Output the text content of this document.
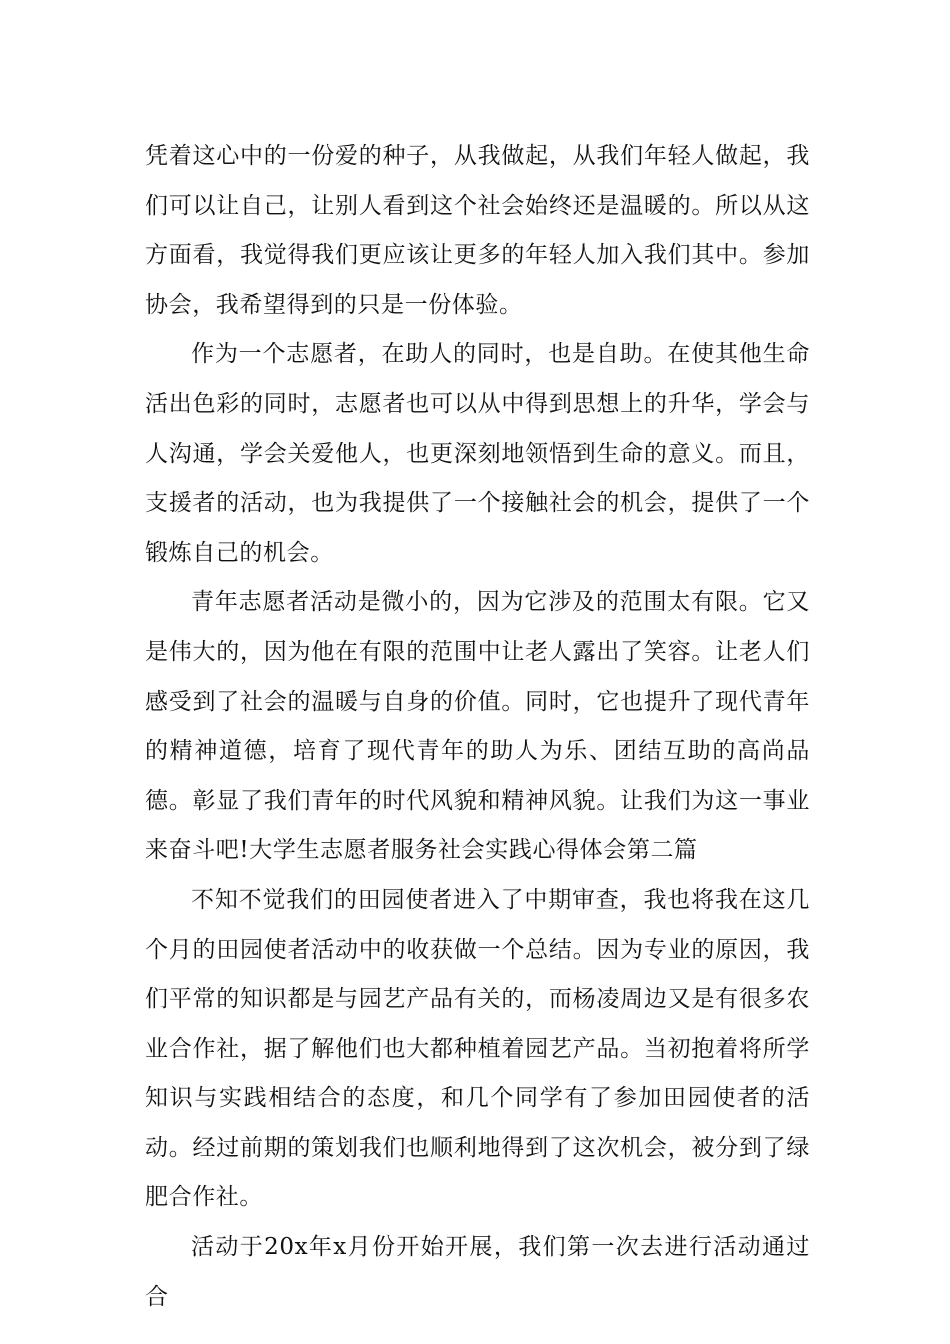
凭着这心中的一份爱的种子，从我做起，从我们年轻人做起，我们可以让自己，让别人看到这个社会始终还是温暖的。所以从这方面看，我觉得我们更应该让更多的年轻人加入我们其中。参加协会，我希望得到的只是一份体验。

作为一个志愿者，在助人的同时，也是自助。在使其他生命活出色彩的同时，志愿者也可以从中得到思想上的升华，学会与人沟通，学会关爱他人，也更深刻地领悟到生命的意义。而且，支援者的活动，也为我提供了一个接触社会的机会，提供了一个锻炼自己的机会。

青年志愿者活动是微小的，因为它涉及的范围太有限。它又是伟大的，因为他在有限的范围中让老人露出了笑容。让老人们感受到了社会的温暖与自身的价值。同时，它也提升了现代青年的精神道德，培育了现代青年的助人为乐、团结互助的高尚品德。彰显了我们青年的时代风貌和精神风貌。让我们为这一事业来奋斗吧!大学生志愿者服务社会实践心得体会第二篇

不知不觉我们的田园使者进入了中期审查，我也将我在这几个月的田园使者活动中的收获做一个总结。因为专业的原因，我们平常的知识都是与园艺产品有关的，而杨凌周边又是有很多农业合作社，据了解他们也大都种植着园艺产品。当初抱着将所学知识与实践相结合的态度，和几个同学有了参加田园使者的活动。经过前期的策划我们也顺利地得到了这次机会，被分到了绿肥合作社。

活动于20x年x月份开始开展，我们第一次去进行活动通过合
